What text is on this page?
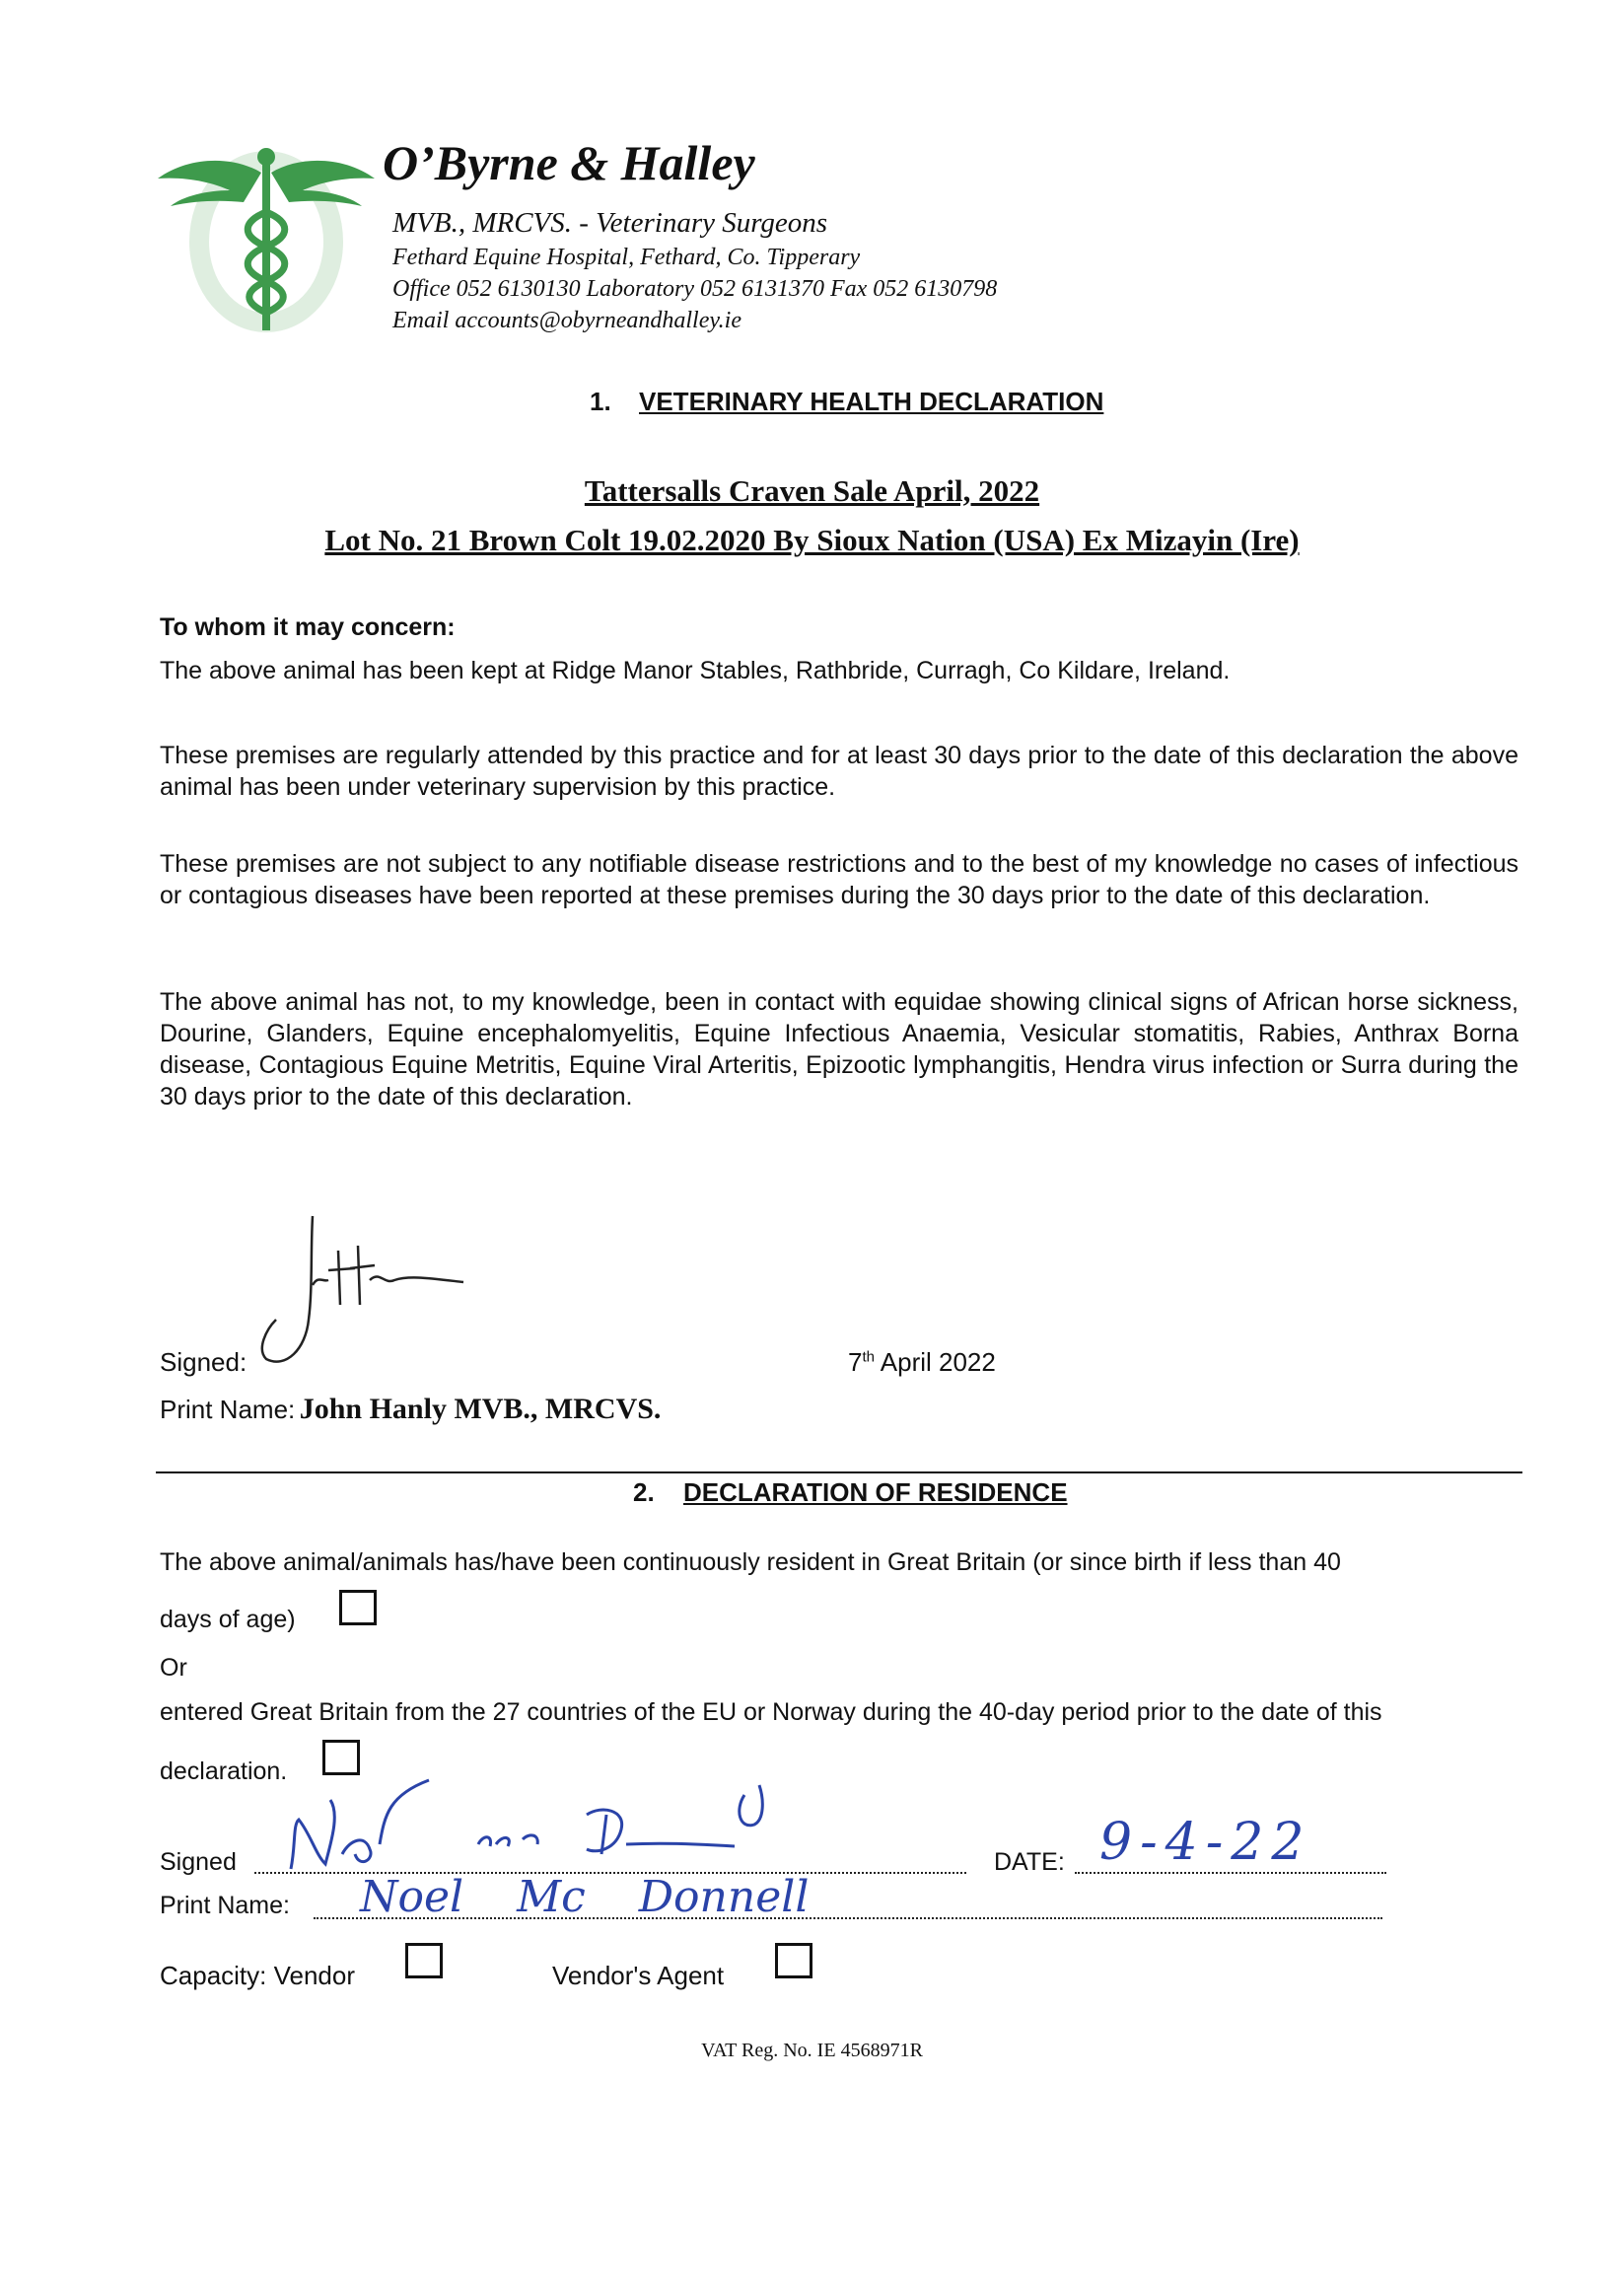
O’Byrne & Halley
MVB., MRCVS. - Veterinary Surgeons
Fethard Equine Hospital, Fethard, Co. Tipperary
Office 052 6130130 Laboratory 052 6131370 Fax 052 6130798
Email accounts@obyrneandhalley.ie
1. VETERINARY HEALTH DECLARATION
Tattersalls Craven Sale April, 2022
Lot No. 21 Brown Colt 19.02.2020 By Sioux Nation (USA) Ex Mizayin (Ire)
To whom it may concern:
The above animal has been kept at Ridge Manor Stables, Rathbride, Curragh, Co Kildare, Ireland.
These premises are regularly attended by this practice and for at least 30 days prior to the date of this declaration the above animal has been under veterinary supervision by this practice.
These premises are not subject to any notifiable disease restrictions and to the best of my knowledge no cases of infectious or contagious diseases have been reported at these premises during the 30 days prior to the date of this declaration.
The above animal has not, to my knowledge, been in contact with equidae showing clinical signs of African horse sickness, Dourine, Glanders, Equine encephalomyelitis, Equine Infectious Anaemia, Vesicular stomatitis, Rabies, Anthrax Borna disease, Contagious Equine Metritis, Equine Viral Arteritis, Epizootic lymphangitis, Hendra virus infection or Surra during the 30 days prior to the date of this declaration.
Signed:	7th April 2022
Print Name: John Hanly MVB., MRCVS.
2. DECLARATION OF RESIDENCE
The above animal/animals has/have been continuously resident in Great Britain (or since birth if less than 40
days of age)
Or
entered Great Britain from the 27 countries of the EU or Norway during the 40-day period prior to the date of this
declaration.
Signed	DATE: 9-4-22
Print Name: Noel Mc Donnell
Capacity: Vendor	Vendor's Agent
VAT Reg. No. IE 4568971R
